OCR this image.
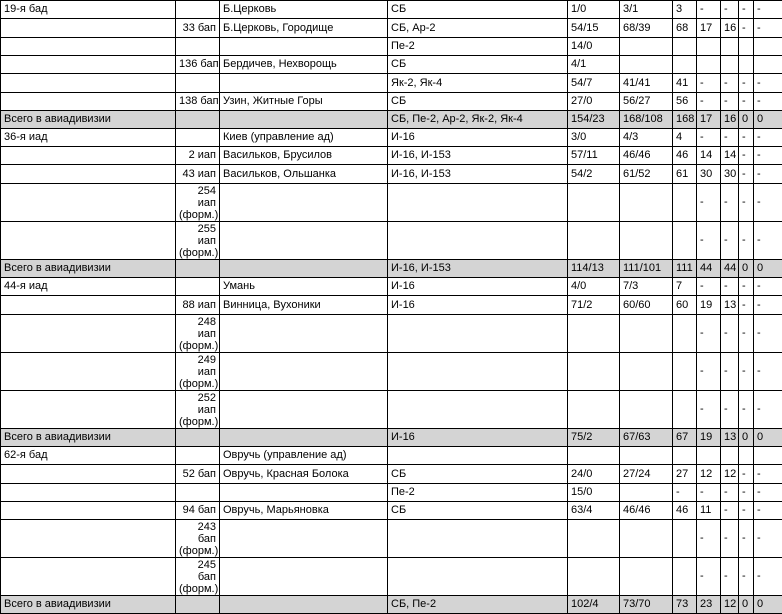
19-я бад		Б.Церковь	СБ	1/0	3/1	3	-	-	-	-
	33 бап	Б.Церковь, Городище	СБ, Ар-2	54/15	68/39	68	17	16	-	-
			Пе-2	14/0						
	136 бап	Бердичев, Нехворощь	СБ	4/1						
			Як-2, Як-4	54/7	41/41	41	-	-	-	-
	138 бап	Узин, Житные Горы	СБ	27/0	56/27	56	-	-	-	-
Всего в авиадивизии			СБ, Пе-2, Ар-2, Як-2, Як-4	154/23	168/108	168	17	16	0	0
36-я иад		Киев (управление ад)	И-16	3/0	4/3	4	-	-	-	-
	2 иап	Васильков, Брусилов	И-16, И-153	57/11	46/46	46	14	14	-	-
	43 иап	Васильков, Ольшанка	И-16, И-153	54/2	61/52	61	30	30	-	-
	254 иап (форм.)						-	-	-	-
	255 иап (форм.)						-	-	-	-
Всего в авиадивизии			И-16, И-153	114/13	111/101	111	44	44	0	0
44-я иад		Умань	И-16	4/0	7/3	7	-	-	-	-
	88 иап	Винница, Вухоники	И-16	71/2	60/60	60	19	13	-	-
	248 иап (форм.)						-	-	-	-
	249 иап (форм.)						-	-	-	-
	252 иап (форм.)						-	-	-	-
Всего в авиадивизии			И-16	75/2	67/63	67	19	13	0	0
62-я бад		Овручь (управление ад)								
	52 бап	Овручь, Красная Болока	СБ	24/0	27/24	27	12	12	-	-
			Пе-2	15/0		-	-	-	-	-
	94 бап	Овручь, Марьяновка	СБ	63/4	46/46	46	11	-	-	-
	243 бап (форм.)						-	-	-	-
	245 бап (форм.)						-	-	-	-
Всего в авиадивизии			СБ, Пе-2	102/4	73/70	73	23	12	0	0
